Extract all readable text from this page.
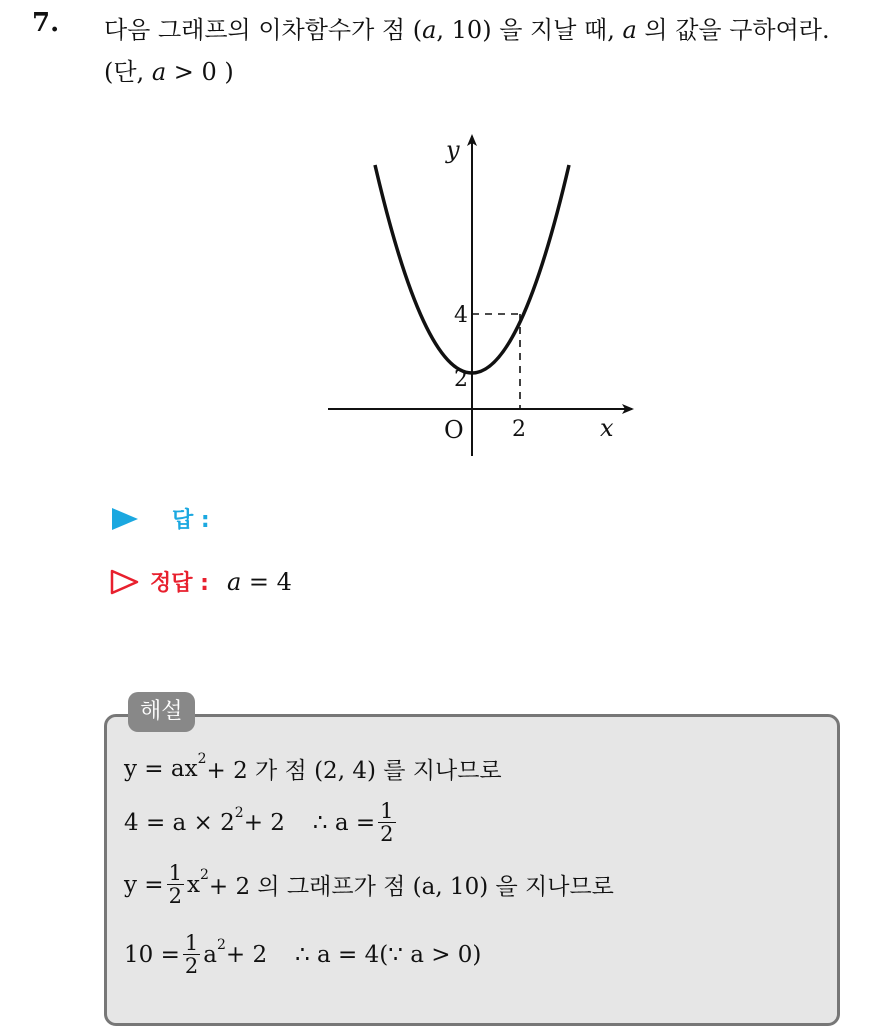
7. 다음 그래프의 이차함수가 점 (a, 10) 을 지날 때, a 의 값을 구하여라.
(단, a > 0 )
y
x
O
4
2
2
답 :
정답 : a = 4
해설
y = ax 2 + 2 가 점 (2, 4) 를 지나므로
4 = a × 2 2 + 2 ∴ $a = \frac{1}{2}$
$y = \frac{1}{2}$ x 2 + 2 의 그래프가 점 (a, 10) 을 지나므로
$10 = \frac{1}{2}$ a 2 + 2 ∴ a = 4(∵ a > 0)
